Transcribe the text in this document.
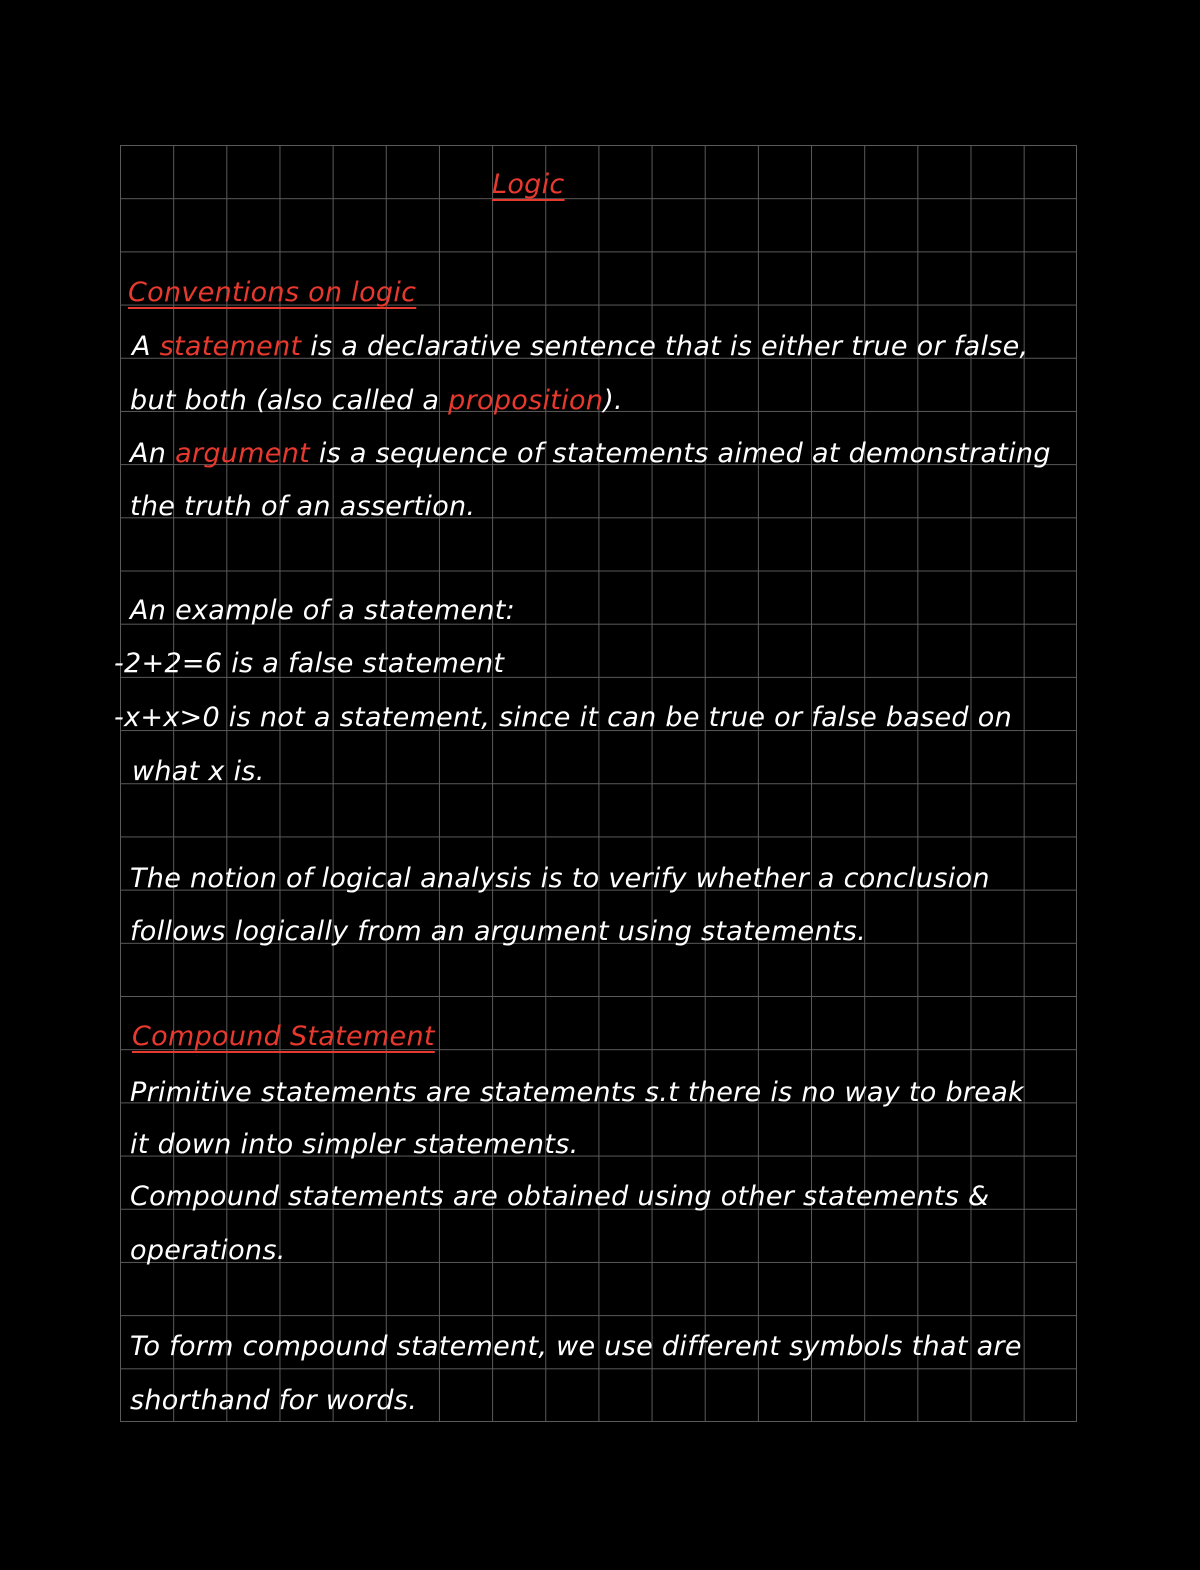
Logic
Conventions on logic
A statement is a declarative sentence that is either true or false,
but both (also called a proposition).
An argument is a sequence of statements aimed at demonstrating
the truth of an assertion.
An example of a statement:
-2+2=6 is a false statement
-x+x>0 is not a statement, since it can be true or false based on
what x is.
The notion of logical analysis is to verify whether a conclusion
follows logically from an argument using statements.
Compound Statement
Primitive statements are statements s.t there is no way to break
it down into simpler statements.
Compound statements are obtained using other statements &
operations.
To form compound statement, we use different symbols that are
shorthand for words.
